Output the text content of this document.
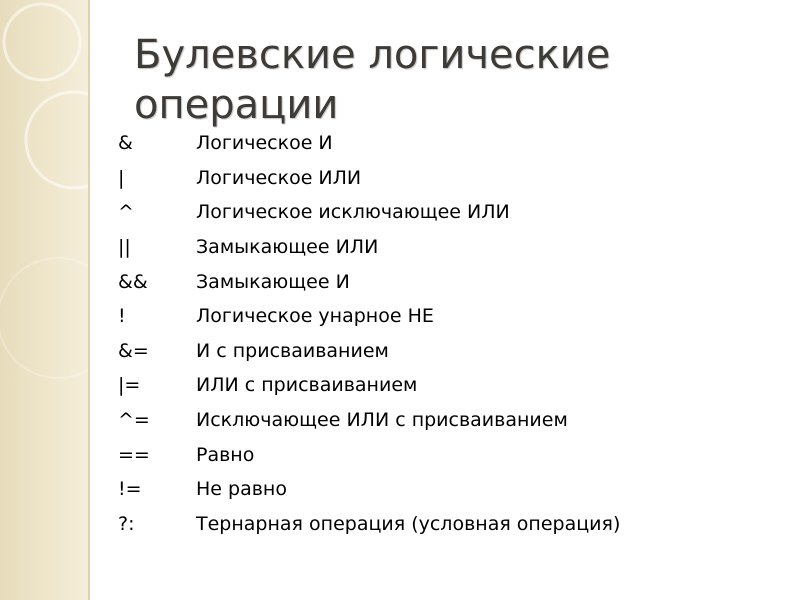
Булевские логические операции
&	Логическое И
|	Логическое ИЛИ
^	Логическое исключающее ИЛИ
||	Замыкающее ИЛИ
&&	Замыкающее И
!	Логическое унарное НЕ
&=	И с присваиванием
|=	ИЛИ с присваиванием
^=	Исключающее ИЛИ с присваиванием
==	Равно
!=	Не равно
?:	Тернарная операция (условная операция)
